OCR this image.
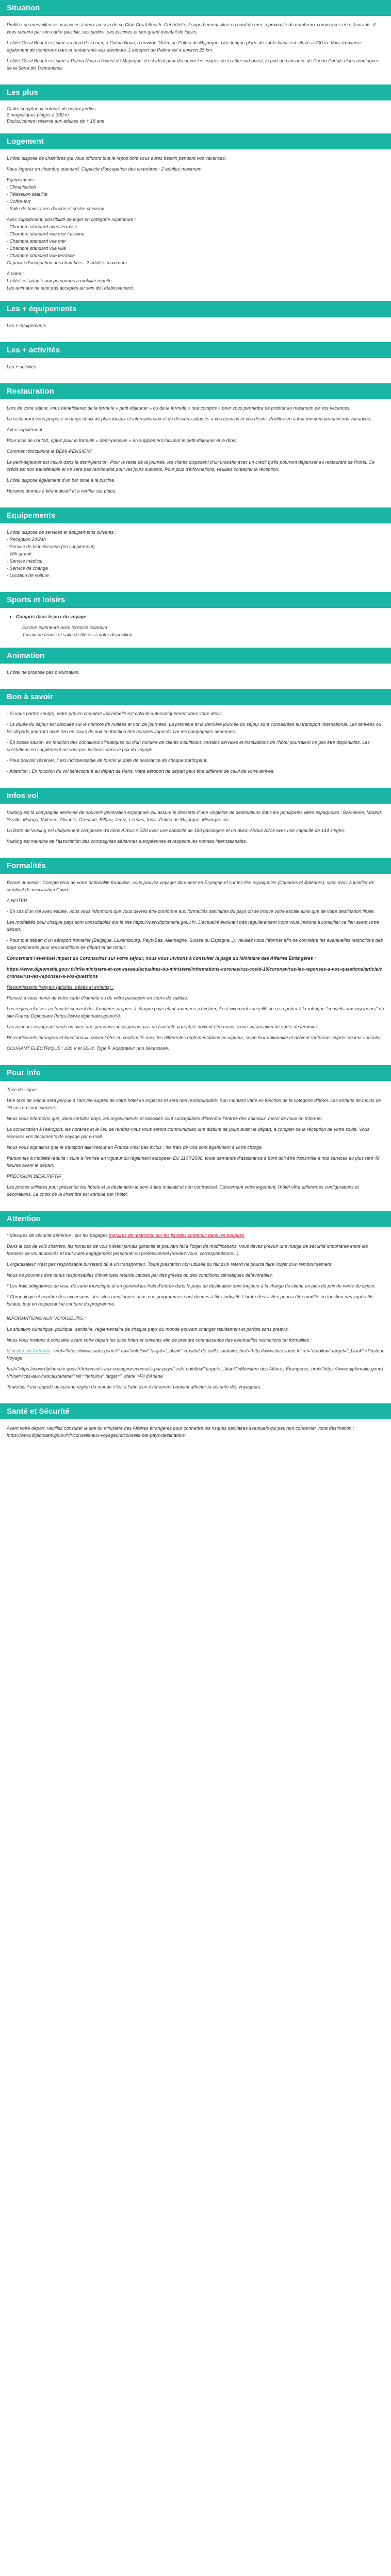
Situation

Profitez de merveilleuses vacances à deux au sein de ce Club Coral Beach. Cet hôtel est superbement situé en bord de mer, à proximité de nombreux commerces et restaurants. Il vous séduira par son cadre paisible, ses jardins, ses piscines et son grand éventail de loisirs.

L'hôtel Coral Beach est situé au bord de la mer, à Palma Nova, à environ 15 km de Palma de Majorque. Une longue plage de sable blanc est située à 300 m. Vous trouverez également de nombreux bars et restaurants aux alentours. L'aéroport de Palma est à environ 25 km.

L'hôtel Coral Beach est situé à Palma Nova à l'ouest de Majorque. Il est idéal pour découvrir les criques de la côte sud-ouest, le port de plaisance de Puerto Portals et les montagnes de la Serra de Tramuntana.

Les plus
Cadre somptueux entouré de beaux jardins
2 magnifiques plages à 300 m
Exclusivement réservé aux adultes de + 18 ans
Logement

L'hôtel dispose de chambres qui vous offriront tout le repos dont vous aurez besoin pendant vos vacances.

Vous logerez en chambre standard. Capacité d'occupation des chambres : 2 adultes maximum.

Equipements :
- Climatisation
- Télévision satellite
- Coffre-fort
- Salle de bains avec douche et sèche-cheveux
Avec supplément, possibilité de loger en catégorie supérieure :
- Chambre standard avec terrasse
- Chambre standard vue mer / piscine
- Chambre standard vue mer
- Chambre standard vue ville
- Chambre standard vue terrasse
Capacité d'occupation des chambres : 2 adultes maximum
A noter :
L'hôtel est adapté aux personnes à mobilité réduite.
Les animaux ne sont pas acceptés au sein de l'établissement.
Les + équipements

Les + équipements

Les + activités

Les + activités

Restauration

Lors de votre séjour, vous bénéficierez de la formule « petit-déjeuner » ou de la formule « tout compris » pour vous permettre de profiter au maximum de vos vacances.

Le restaurant vous propose un large choix de plats locaux et internationaux et de desserts adaptés à vos besoins et vos désirs. Profitez-en à tout moment pendant vos vacances.

Avec supplément :

Pour plus de confort, optez pour la formule « demi-pension » en supplément incluant le petit-déjeuner et le dîner.

Comment fonctionne la DEMI-PENSION?

Le petit-déjeuner est inclus dans la demi-pension. Pour le reste de la journée, les clients disposent d'un bracelet avec un crédit qu'ils pourront dépenser au restaurant de l'hôtel. Ce crédit est non transférable et ne sera pas remboursé pour les jours suivants. Pour plus d'informations, veuillez contacter la réception.

L'hôtel dispose également d'un bar situé à la piscine.

Horaires donnés à titre indicatif et à vérifier sur place.

Equipements
L'hôtel dispose de services et équipements suivants :
- Réception 24/24h
- Service de blanchisserie (en supplément)
- Wifi gratuit
- Service médical
- Service de change
- Location de voiture.
Sports et loisirs
• Compris dans le prix du voyage
Piscine extérieure avec terrasse solarium
Terrain de tennis et salle de fitness à votre disposition
Animation

L'hôtel ne propose pas d'animation.

Bon à savoir

- Si vous partez seul(e), votre prix en chambre individuelle est calculé automatiquement dans votre devis.

- La durée du séjour est calculée sur le nombre de nuitées et non de journées. La première et la dernière journée du séjour sont consacrées au transport international. Les arrivées ou les départs pourront avoir lieu en cours de nuit en fonction des horaires imposés par les compagnies aériennes.

- En basse saison, en fonction des conditions climatiques ou d'un nombre de clients insuffisant, certains services et installations de l'hôtel pourraient ne pas être disponibles. Les prestations en supplément ne sont pas incluses dans le prix du voyage.

- Pour pouvoir réserver, il est indispensable de fournir la date de naissance de chaque participant.

- Attention : En fonction du vol sélectionné au départ de Paris, votre aéroport de départ peut être différent de celui de votre arrivée.

Infos vol

Vueling est la compagnie aérienne de nouvelle génération espagnole qui assure la desserte d'une vingtaine de destinations dans les principales villes espagnoles : Barcelone, Madrid, Séville, Malaga, Valence, Alicante, Grenade, Bilbao, Jerez, Léridas, Ibiza, Palma de Majorque, Minorque etc.

La flotte de Vueling est uniquement composée d'avions Airbus A 320 avec une capacité de 180 passagers et un avion Airbus A319 avec une capacité de 144 sièges.

Vueling est membre de l'association des compagnies aériennes européennes et respecte les normes internationales.

Formalités

Bonne nouvelle : Compte tenu de votre nationalité française, vous pouvez voyager librement en Espagne et sur les îles espagnoles (Canaries et Baléares), sans avoir à justifier de certificat de vaccination Covid.

A NOTER

- En cas d'un vol avec escale, nous vous informons que vous devrez être conforme aux formalités sanitaires du pays où se trouve votre escale ainsi que de votre destination finale.

Les modalités pour chaque pays sont consultables sur le site https://www.diplomatie.gouv.fr/. L'actualité évoluant très régulièrement nous vous invitons à consulter ce lien avant votre départ.

- Pour tout départ d'un aéroport frontalier (Belgique, Luxembourg, Pays-Bas, Allemagne, Suisse ou Espagne...), veuillez nous informer afin de connaître les éventuelles restrictions des pays concernés pour les conditions de départ et de retour.

Concernant l'éventuel impact du Coronavirus sur votre séjour, nous vous invitons à consulter la page du Ministère des Affaires Étrangères :

https://www.diplomatie.gouv.fr/fr/le-ministere-et-son-reseau/actualites-du-ministere/informations-coronavirus-covid-19/coronavirus-les-reponses-a-vos-questions/article/coronavirus-les-reponses-a-vos-questions

Ressortissants français (adultes, bébés et enfants) :

Pensez à vous munir de votre carte d'identité ou de votre passeport en cours de validité.

Les règles relatives au franchissement des frontières propres à chaque pays étant amenées à évoluer, il est vivement conseillé de se reporter à la rubrique "conseils aux voyageurs" du site France Diplomatie (https://www.diplomatie.gouv.fr/).

Les mineurs voyageant seuls ou avec une personne ne disposant pas de l'autorité parentale doivent être munis d'une autorisation de sortie de territoire.

Ressortissants étrangers et binationaux: doivent être en conformité avec les différentes réglementations en vigueur, selon leur nationalité et doivent s'informer auprès de leur consulat.

COURANT ELECTRIQUE : 230 V et 50Hz. Type F. Adaptateur non nécessaire.

Pour info

Taxe de séjour

Une taxe de séjour sera perçue à l'arrivée auprès de votre hôtel en espèces et sera non remboursable. Son montant varie en fonction de la catégorie d'hôtel. Les enfants de moins de 16 ans en sont exonérés.

Nous vous informons que, dans certains pays, les organisateurs et associés sont susceptibles d'interdire l'entrée des animaux, merci de nous en informer.

La convocation à l'aéroport, les horaires et le lieu de rendez-vous vous seront communiqués une dizaine de jours avant le départ, à compter de la réception de votre solde. Vous recevrez vos documents de voyage par e-mail.

Nous vous signalons que le transport aller/retour en France n'est pas inclus ; les frais de visa sont également à votre charge.

Personnes à mobilité réduite : suite à l'entrée en vigueur du règlement européen EU 1107/2006, toute demande d'assistance à bord doit être transmise à nos services au plus tard 48 heures avant le départ.

PRÉCISION DESCRIPTIF

Les photos utilisées pour présenter les hôtels et la destination le sont à titre indicatif et non contractuel. Concernant votre logement, l'hôtel offre différentes configurations et décorations. Le choix de la chambre est attribué par l'hôtel.

Attention

* Mesures de sécurité aérienne : sur les bagages mesures de restriction sur les liquides contenus dans les bagages

Dans le cas de vols charters, les horaires de vols n'étant jamais garantis et pouvant faire l'objet de modifications, vous devez prévoir une marge de sécurité importante entre les horaires de vol annoncés et tout autre engagement personnel ou professionnel (rendez-vous, correspondance...).

L'organisateur n'est pas responsable du retard dû à un transporteur. Toute prestation non utilisée du fait d'un retard ne pourra faire l'objet d'un remboursement.

Nous ne pouvons être tenus responsables d'éventuels retards causés par des grèves ou des conditions climatiques défavorables.

* Les frais obligatoires de visa, de carte touristique et en général les frais d'entrée dans le pays de destination sont toujours à la charge du client, en plus du prix de vente du séjour.

* Chronologie et nombre des excursions : les sites mentionnés dans nos programmes sont donnés à titre indicatif. L'ordre des visites pourra être modifié en fonction des impératifs locaux, tout en respectant le contenu du programme.

INFORMATIONS AUX VOYAGEURS :

La situation climatique, politique, sanitaire, réglementaire de chaque pays du monde pouvant changer rapidement et parfois sans préavis.

Nous vous invitons à consulter avant votre départ les sites Internet suivants afin de prendre connaissance des éventuelles restrictions ou formalités :

Ministère de la Santé : href="https://www.sante.gouv.fr" rel="nofollow" target="_blank" >Institut de veille sanitaire, href="http://www.invs.sante.fr" rel="nofollow" target="_blank" >Pasteur Voyage

href="https://www.diplomatie.gouv.fr/fr/conseils-aux-voyageurs/conseils-par-pays/" rel="nofollow" target="_blank">Ministère des Affaires Étrangères, href="https://www.diplomatie.gouv.fr/fr/services-aux-francais/ariane/" rel="nofollow" target="_blank">Fil d'Ariane

Toutefois il est rappelé qu'aucune région du monde n'est à l'abri d'un événement pouvant affecter la sécurité des voyageurs.

Santé et Sécurité

Avant votre départ, veuillez consulter le site du ministère des Affaires étrangères pour connaître les risques sanitaires éventuels qui peuvent concerner votre destination : https://www.diplomatie.gouv.fr/fr/conseils-aux-voyageurs/conseils-par-pays-destination/
